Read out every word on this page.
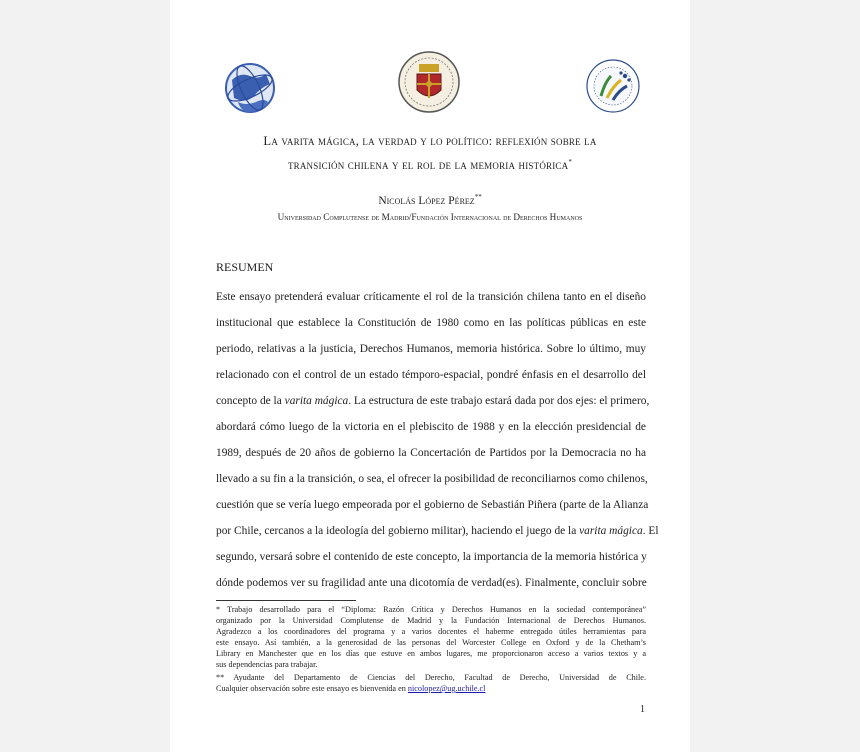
La varita mágica, la verdad y lo político: reflexión sobre la
transición chilena y el rol de la memoria histórica*
Nicolás López Pérez**
Universidad Complutense de Madrid/Fundación Internacional de Derechos Humanos
RESUMEN
Este ensayo pretenderá evaluar críticamente el rol de la transición chilena tanto en el diseño
institucional que establece la Constitución de 1980 como en las políticas públicas en este
periodo, relativas a la justicia, Derechos Humanos, memoria histórica. Sobre lo último, muy
relacionado con el control de un estado témporo-espacial, pondré énfasis en el desarrollo del
concepto de la varita mágica. La estructura de este trabajo estará dada por dos ejes: el primero,
abordará cómo luego de la victoria en el plebiscito de 1988 y en la elección presidencial de
1989, después de 20 años de gobierno la Concertación de Partidos por la Democracia no ha
llevado a su fin a la transición, o sea, el ofrecer la posibilidad de reconciliarnos como chilenos,
cuestión que se vería luego empeorada por el gobierno de Sebastián Piñera (parte de la Alianza
por Chile, cercanos a la ideología del gobierno militar), haciendo el juego de la varita mágica. El
segundo, versará sobre el contenido de este concepto, la importancia de la memoria histórica y
dónde podemos ver su fragilidad ante una dicotomía de verdad(es). Finalmente, concluir sobre
* Trabajo desarrollado para el “Diploma: Razón Crítica y Derechos Humanos en la sociedad contemporánea”
organizado por la Universidad Complutense de Madrid y la Fundación Internacional de Derechos Humanos.
Agradezco a los coordinadores del programa y a varios docentes el haberme entregado útiles herramientas para
este ensayo. Así también, a la generosidad de las personas del Worcester College en Oxford y de la Chetham’s
Library en Manchester que en los días que estuve en ambos lugares, me proporcionaron acceso a varios textos y a
sus dependencias para trabajar.
** Ayudante del Departamento de Ciencias del Derecho, Facultad de Derecho, Universidad de Chile.
Cualquier observación sobre este ensayo es bienvenida en nicolopez@ug.uchile.cl
1
